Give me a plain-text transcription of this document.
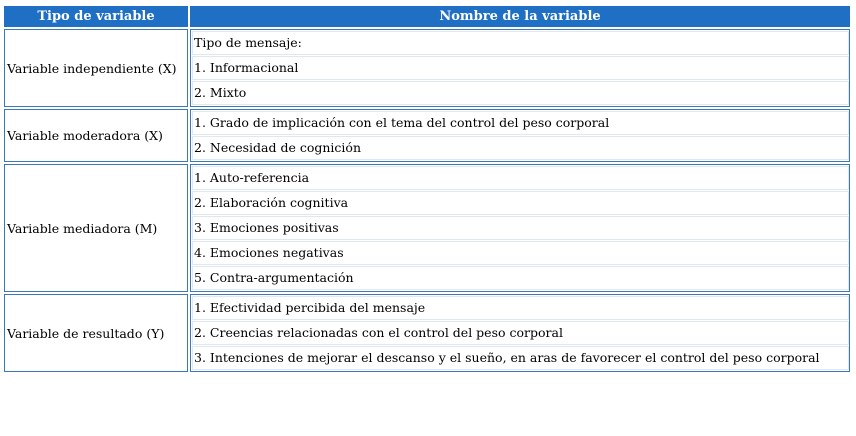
Tipo de variable	Nombre de la variable
Variable independiente (X)	Tipo de mensaje:
1. Informacional
2. Mixto

Variable moderadora (X)	1. Grado de implicación con el tema del control del peso corporal
2. Necesidad de cognición

Variable mediadora (M)	1. Auto-referencia
2. Elaboración cognitiva
3. Emociones positivas
4. Emociones negativas
5. Contra-argumentación

Variable de resultado (Y)	1. Efectividad percibida del mensaje
2. Creencias relacionadas con el control del peso corporal
3. Intenciones de mejorar el descanso y el sueño, en aras de favorecer el control del peso corporal
